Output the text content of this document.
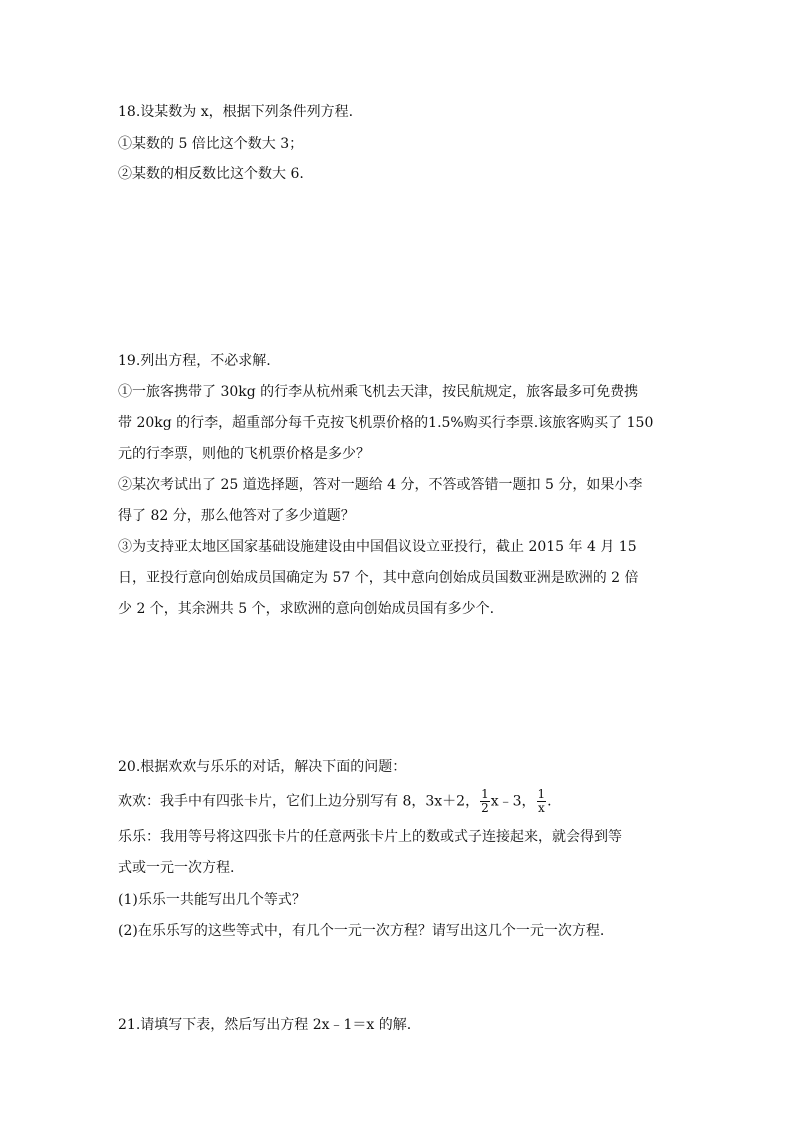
18.设某数为 x，根据下列条件列方程.
①某数的 5 倍比这个数大 3；
②某数的相反数比这个数大 6.
19.列出方程，不必求解.
①一旅客携带了 30kg 的行李从杭州乘飞机去天津，按民航规定，旅客最多可免费携
带 20kg 的行李，超重部分每千克按飞机票价格的1.5%购买行李票.该旅客购买了 150
元的行李票，则他的飞机票价格是多少？
②某次考试出了 25 道选择题，答对一题给 4 分，不答或答错一题扣 5 分，如果小李
得了 82 分，那么他答对了多少道题？
③为支持亚太地区国家基础设施建设由中国倡议设立亚投行，截止 2015 年 4 月 15
日，亚投行意向创始成员国确定为 57 个，其中意向创始成员国数亚洲是欧洲的 2 倍
少 2 个，其余洲共 5 个，求欧洲的意向创始成员国有多少个.
20.根据欢欢与乐乐的对话，解决下面的问题：
欢欢：我手中有四张卡片，它们上边分别写有 8，3x＋2， $\frac{1}{2}$ x﹣3， $\frac{1}{x}$ .
乐乐：我用等号将这四张卡片的任意两张卡片上的数或式子连接起来，就会得到等
式或一元一次方程.
(1)乐乐一共能写出几个等式？
(2)在乐乐写的这些等式中，有几个一元一次方程？请写出这几个一元一次方程.
21.请填写下表，然后写出方程 2x﹣1＝x 的解.
